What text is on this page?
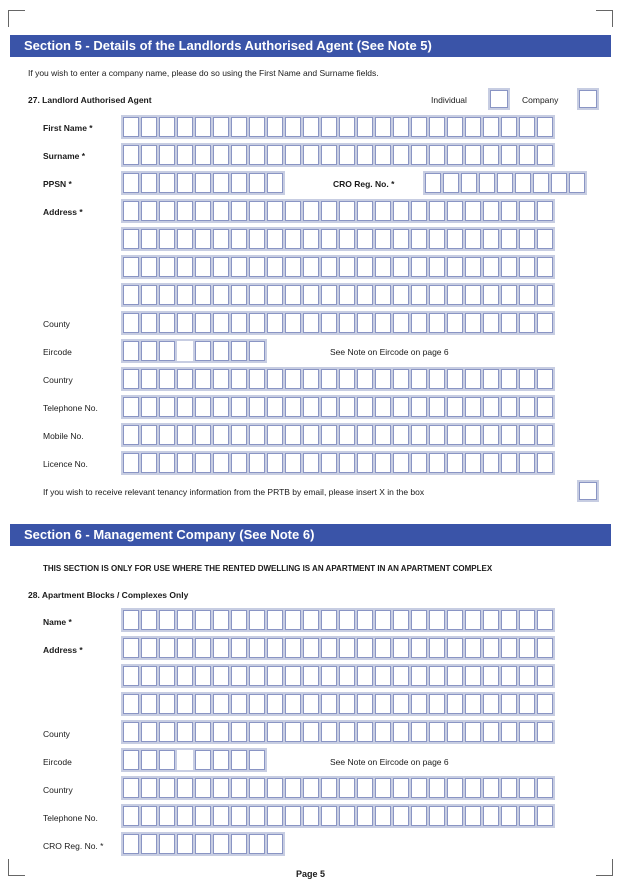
Section 5 - Details of the Landlords Authorised Agent (See Note 5)
If you wish to enter a company name, please do so using the First Name and Surname fields.
27. Landlord Authorised Agent	Individual	Company
First Name *
Surname *
PPSN *	CRO Reg. No. *
Address *
County
Eircode	See Note on Eircode on page 6
Country
Telephone No.
Mobile No.
Licence No.
If you wish to receive relevant tenancy information from the PRTB by email, please insert X in the box
Section 6 - Management Company (See Note 6)
THIS SECTION IS ONLY FOR USE WHERE THE RENTED DWELLING IS AN APARTMENT IN AN APARTMENT COMPLEX
28. Apartment Blocks / Complexes Only
Name *
Address *
County
Eircode	See Note on Eircode on page 6
Country
Telephone No.
CRO Reg. No. *
Page 5
